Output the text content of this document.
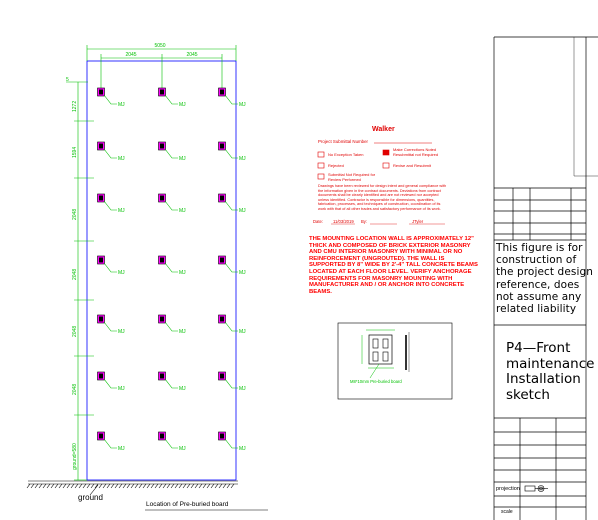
5050
2045	2045
5
1272
1594
2048
2048
2048
2048
ground=580
MJ	MJ	MJ
MJ	MJ	MJ
MJ	MJ	MJ
MJ	MJ	MJ
MJ	MJ	MJ
MJ	MJ	MJ
MJ	MJ	MJ
ground
Location of Pre-buried board
Walker
Project Submittal Number
No Exception Taken
Make Corrections Noted Resubmittal not Required
Rejected	Revise and Resubmit
Submittal Not Required for Review Performed
Drawings have been reviewed for design intent and general compliance with the information given in the contract documents. Deviations from contract documents shall be clearly identified and are not reviewed nor accepted unless identified. Contractor is responsible for dimensions, quantities, fabrication, processes, and techniques of construction, coordination of its work with that of all other trades and satisfactory performance of its work.
Date: 11/03/2019 By:	JTyler
THE MOUNTING LOCATION WALL IS APPROXIMATELY 12" THICK AND COMPOSED OF BRICK EXTERIOR MASONRY AND CMU INTERIOR MASONRY WITH MINIMAL OR NO REINFORCEMENT (UNGROUTED). THE WALL IS SUPPORTED BY 8" WIDE BY 2'-4" TALL CONCRETE BEAMS LOCATED AT EACH FLOOR LEVEL. VERIFY ANCHORAGE REQUIREMENTS FOR MASONRY MOUNTING WITH MANUFACTURER AND / OR ANCHOR INTO CONCRETE BEAMS.
M8*10mm Pre-buried board
This figure is for construction of the project design reference, does not assume any related liability
P4—Front maintenance Installation sketch
projection
scale
